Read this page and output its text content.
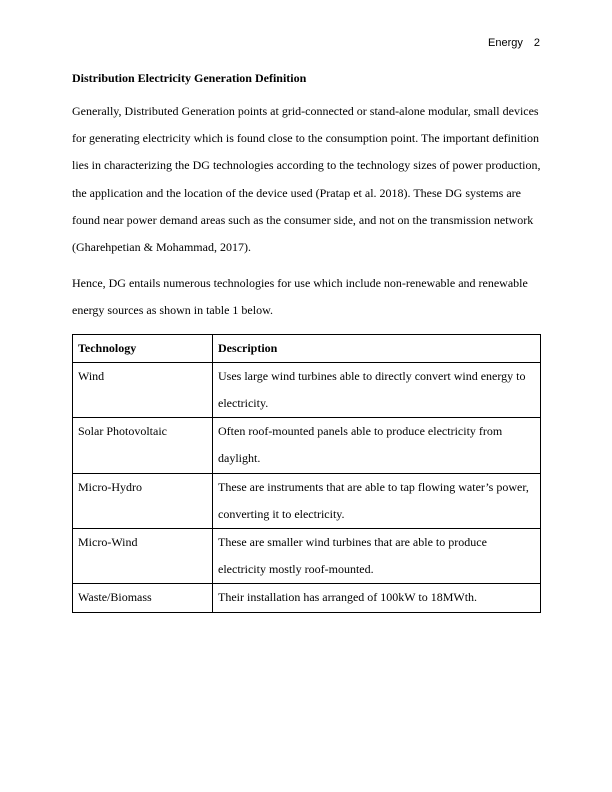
Energy 2
Distribution Electricity Generation Definition

Generally, Distributed Generation points at grid-connected or stand-alone modular, small devices for generating electricity which is found close to the consumption point. The important definition lies in characterizing the DG technologies according to the technology sizes of power production, the application and the location of the device used (Pratap et al. 2018). These DG systems are found near power demand areas such as the consumer side, and not on the transmission network (Gharehpetian & Mohammad, 2017).

Hence, DG entails numerous technologies for use which include non-renewable and renewable energy sources as shown in table 1 below.

Technology	Description
Wind	Uses large wind turbines able to directly convert wind energy to electricity.
Solar Photovoltaic	Often roof-mounted panels able to produce electricity from daylight.
Micro-Hydro	These are instruments that are able to tap flowing water’s power, converting it to electricity.
Micro-Wind	These are smaller wind turbines that are able to produce electricity mostly roof-mounted.
Waste/Biomass	Their installation has arranged of 100kW to 18MWth.
